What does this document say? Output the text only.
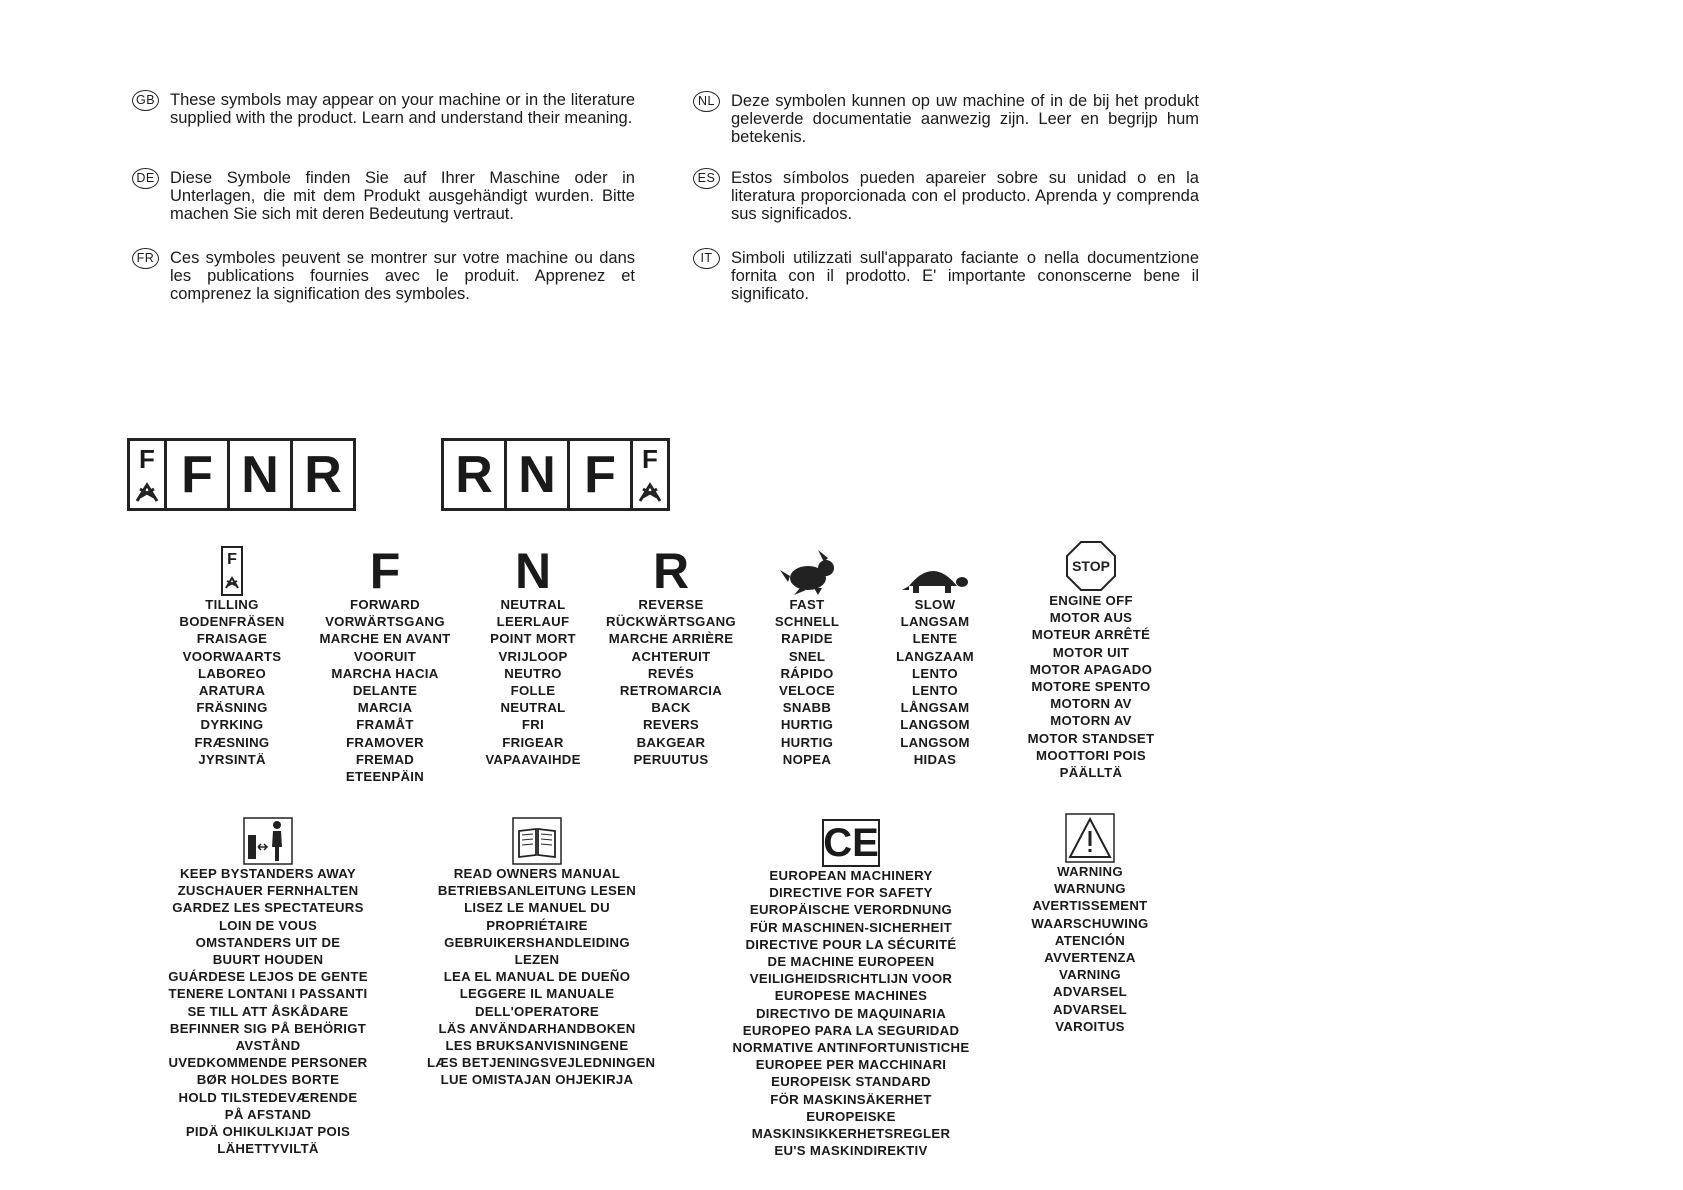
GB These symbols may appear on your machine or in the literature supplied with the product. Learn and understand their meaning.

DE Diese Symbole finden Sie auf Ihrer Maschine oder in Unterlagen, die mit dem Produkt ausgehändigt wurden. Bitte machen Sie sich mit deren Bedeutung vertraut.

FR Ces symboles peuvent se montrer sur votre machine ou dans les publications fournies avec le produit. Apprenez et comprenez la signification des symboles.

NL Deze symbolen kunnen op uw machine of in de bij het produkt geleverde documentatie aanwezig zijn. Leer en begrijp hum betekenis.

ES Estos símbolos pueden apareier sobre su unidad o en la literatura proporcionada con el producto. Aprenda y comprenda sus significados.

IT	Simboli utilizzati sull'apparato faciante o nella documentzione fornita con il prodotto. E' importante cononscerne bene il significato.

F F N R R N F	F
F
TILLING
BODENFRÄSEN
FRAISAGE
VOORWAARTS
LABOREO
ARATURA
FRÄSNING
DYRKING
FRÆSNING
JYRSINTÄ
F
FORWARD
VORWÄRTSGANG
MARCHE EN AVANT
VOORUIT
MARCHA HACIA
DELANTE
MARCIA
FRAMÅT
FRAMOVER
FREMAD
ETEENPÄIN
N
NEUTRAL
LEERLAUF
POINT MORT
VRIJLOOP
NEUTRO
FOLLE
NEUTRAL
FRI
FRIGEAR
VAPAAVAIHDE
R
REVERSE
RÜCKWÄRTSGANG
MARCHE ARRIÈRE
ACHTERUIT
REVÉS
RETROMARCIA
BACK
REVERS
BAKGEAR
PERUUTUS
FAST
SCHNELL
RAPIDE
SNEL
RÁPIDO
VELOCE
SNABB
HURTIG
HURTIG
NOPEA
SLOW
LANGSAM
LENTE
LANGZAAM
LENTO
LENTO
LÅNGSAM
LANGSOM
LANGSOM
HIDAS
STOP
ENGINE OFF
MOTOR AUS
MOTEUR ARRÊTÉ
MOTOR UIT
MOTOR APAGADO
MOTORE SPENTO
MOTORN AV
MOTORN AV
MOTOR STANDSET
MOOTTORI POIS
PÄÄLLTÄ
KEEP BYSTANDERS AWAY
ZUSCHAUER FERNHALTEN
GARDEZ LES SPECTATEURS
LOIN DE VOUS
OMSTANDERS UIT DE
BUURT HOUDEN
GUÁRDESE LEJOS DE GENTE
TENERE LONTANI I PASSANTI
SE TILL ATT ÅSKÅDARE
BEFINNER SIG PÅ BEHÖRIGT
AVSTÅND
UVEDKOMMENDE PERSONER
BØR HOLDES BORTE
HOLD TILSTEDEVÆRENDE
PÅ AFSTAND
PIDÄ OHIKULKIJAT POIS
LÄHETTYVILTÄ
READ OWNERS MANUAL
BETRIEBSANLEITUNG LESEN
LISEZ LE MANUEL DU
PROPRIÉTAIRE
GEBRUIKERSHANDLEIDING
LEZEN
LEA EL MANUAL DE DUEÑO
LEGGERE IL MANUALE
DELL'OPERATORE
LÄS ANVÄNDARHANDBOKEN
LES BRUKSANVISNINGENE
LÆS BETJENINGSVEJLEDNINGEN
LUE OMISTAJAN OHJEKIRJA
CE
EUROPEAN MACHINERY
DIRECTIVE FOR SAFETY
EUROPÄISCHE VERORDNUNG
FÜR MASCHINEN-SICHERHEIT
DIRECTIVE POUR LA SÉCURITÉ
DE MACHINE EUROPEEN
VEILIGHEIDSRICHTLIJN VOOR
EUROPESE MACHINES
DIRECTIVO DE MAQUINARIA
EUROPEO PARA LA SEGURIDAD
NORMATIVE ANTINFORTUNISTICHE
EUROPEE PER MACCHINARI
EUROPEISK STANDARD
FÖR MASKINSÄKERHET
EUROPEISKE
MASKINSIKKERHETSREGLER
EU'S MASKINDIREKTIV
WARNING
WARNUNG
AVERTISSEMENT
WAARSCHUWING
ATENCIÓN
AVVERTENZA
VARNING
ADVARSEL
ADVARSEL
VAROITUS
